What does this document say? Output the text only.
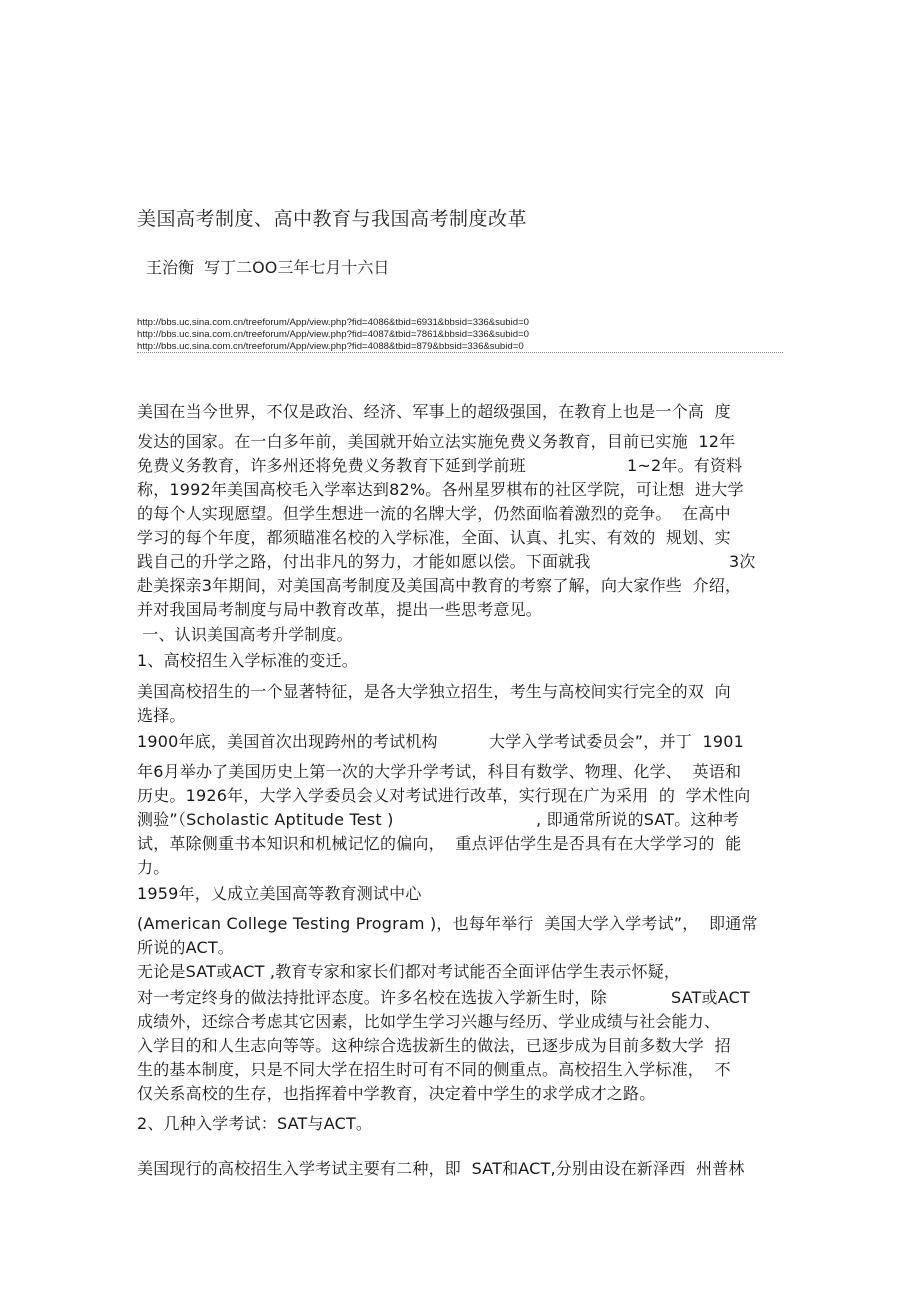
美国高考制度、高中教育与我国高考制度改革
王治衡  写丁二OO三年七月十六日
http://bbs.uc.sina.com.cn/treeforum/App/view.php?fid=4086&tbid=6931&bbsid=336&subid=0
http://bbs.uc.sina.com.cn/treeforum/App/view.php?fid=4087&tbid=7861&bbsid=336&subid=0
http://bbs.uc.sina.com.cn/treeforum/App/view.php?fid=4088&tbid=879&bbsid=336&subid=0
美国在当今世界，不仅是政治、经济、军事上的超级强国，在教育上也是一个高  度
发达的国家。在一白多年前，美国就开始立法实施免费义务教育，目前已实施  12年
免费义务教育，许多州还将免费义务教育下延到学前班	1~2年。有资料
称，1992年美国高校毛入学率达到82%。各州星罗棋布的社区学院，可让想  进大学
的每个人实现愿望。但学生想进一流的名牌大学，仍然面临着激烈的竞争。  在高中
学习的每个年度，都须瞄准名校的入学标准，全面、认真、扎实、有效的  规划、实
践自己的升学之路，付出非凡的努力，才能如愿以偿。下面就我	3次
赴美探亲3年期间，对美国高考制度及美国高中教育的考察了解，向大家作些  介绍，
并对我国局考制度与局中教育改革，提出一些思考意见。
一、认识美国高考升学制度。
1、高校招生入学标准的变迁。
美国高校招生的一个显著特征，是各大学独立招生，考生与高校间实行完全的双  向
选择。
1900年底，美国首次出现跨州的考试机构	大学入学考试委员会”，并丁  1901
年6月举办了美国历史上第一次的大学升学考试，科目有数学、物理、化学、  英语和
历史。1926年，大学入学委员会乂对考试进行改革，实行现在广为采用  的  学术性向
测验”（Scholastic Aptitude Test )	, 即通常所说的SAT。这种考
试，革除侧重书本知识和机械记忆的偏向，  重点评估学生是否具有在大学学习的  能
力。
1959年，乂成立美国高等教育测试中心
(American College Testing Program )，也每年举行  美国大学入学考试”，  即通常
所说的ACT。
无论是SAT或ACT ,教育专家和家长们都对考试能否全面评估学生表示怀疑，
对一考定终身的做法持批评态度。许多名校在选拔入学新生时，除	SAT或ACT
成绩外，还综合考虑其它因素，比如学生学习兴趣与经历、学业成绩与社会能力、
入学目的和人生志向等等。这种综合选拔新生的做法，已逐步成为目前多数大学  招
生的基本制度，只是不同大学在招生时可有不同的侧重点。高校招生入学标准，  不
仅关系高校的生存，也指挥着中学教育，决定着中学生的求学成才之路。
2、几种入学考试：SAT与ACT。
美国现行的高校招生入学考试主要有二种，即  SAT和ACT,分别由设在新泽西  州普林
